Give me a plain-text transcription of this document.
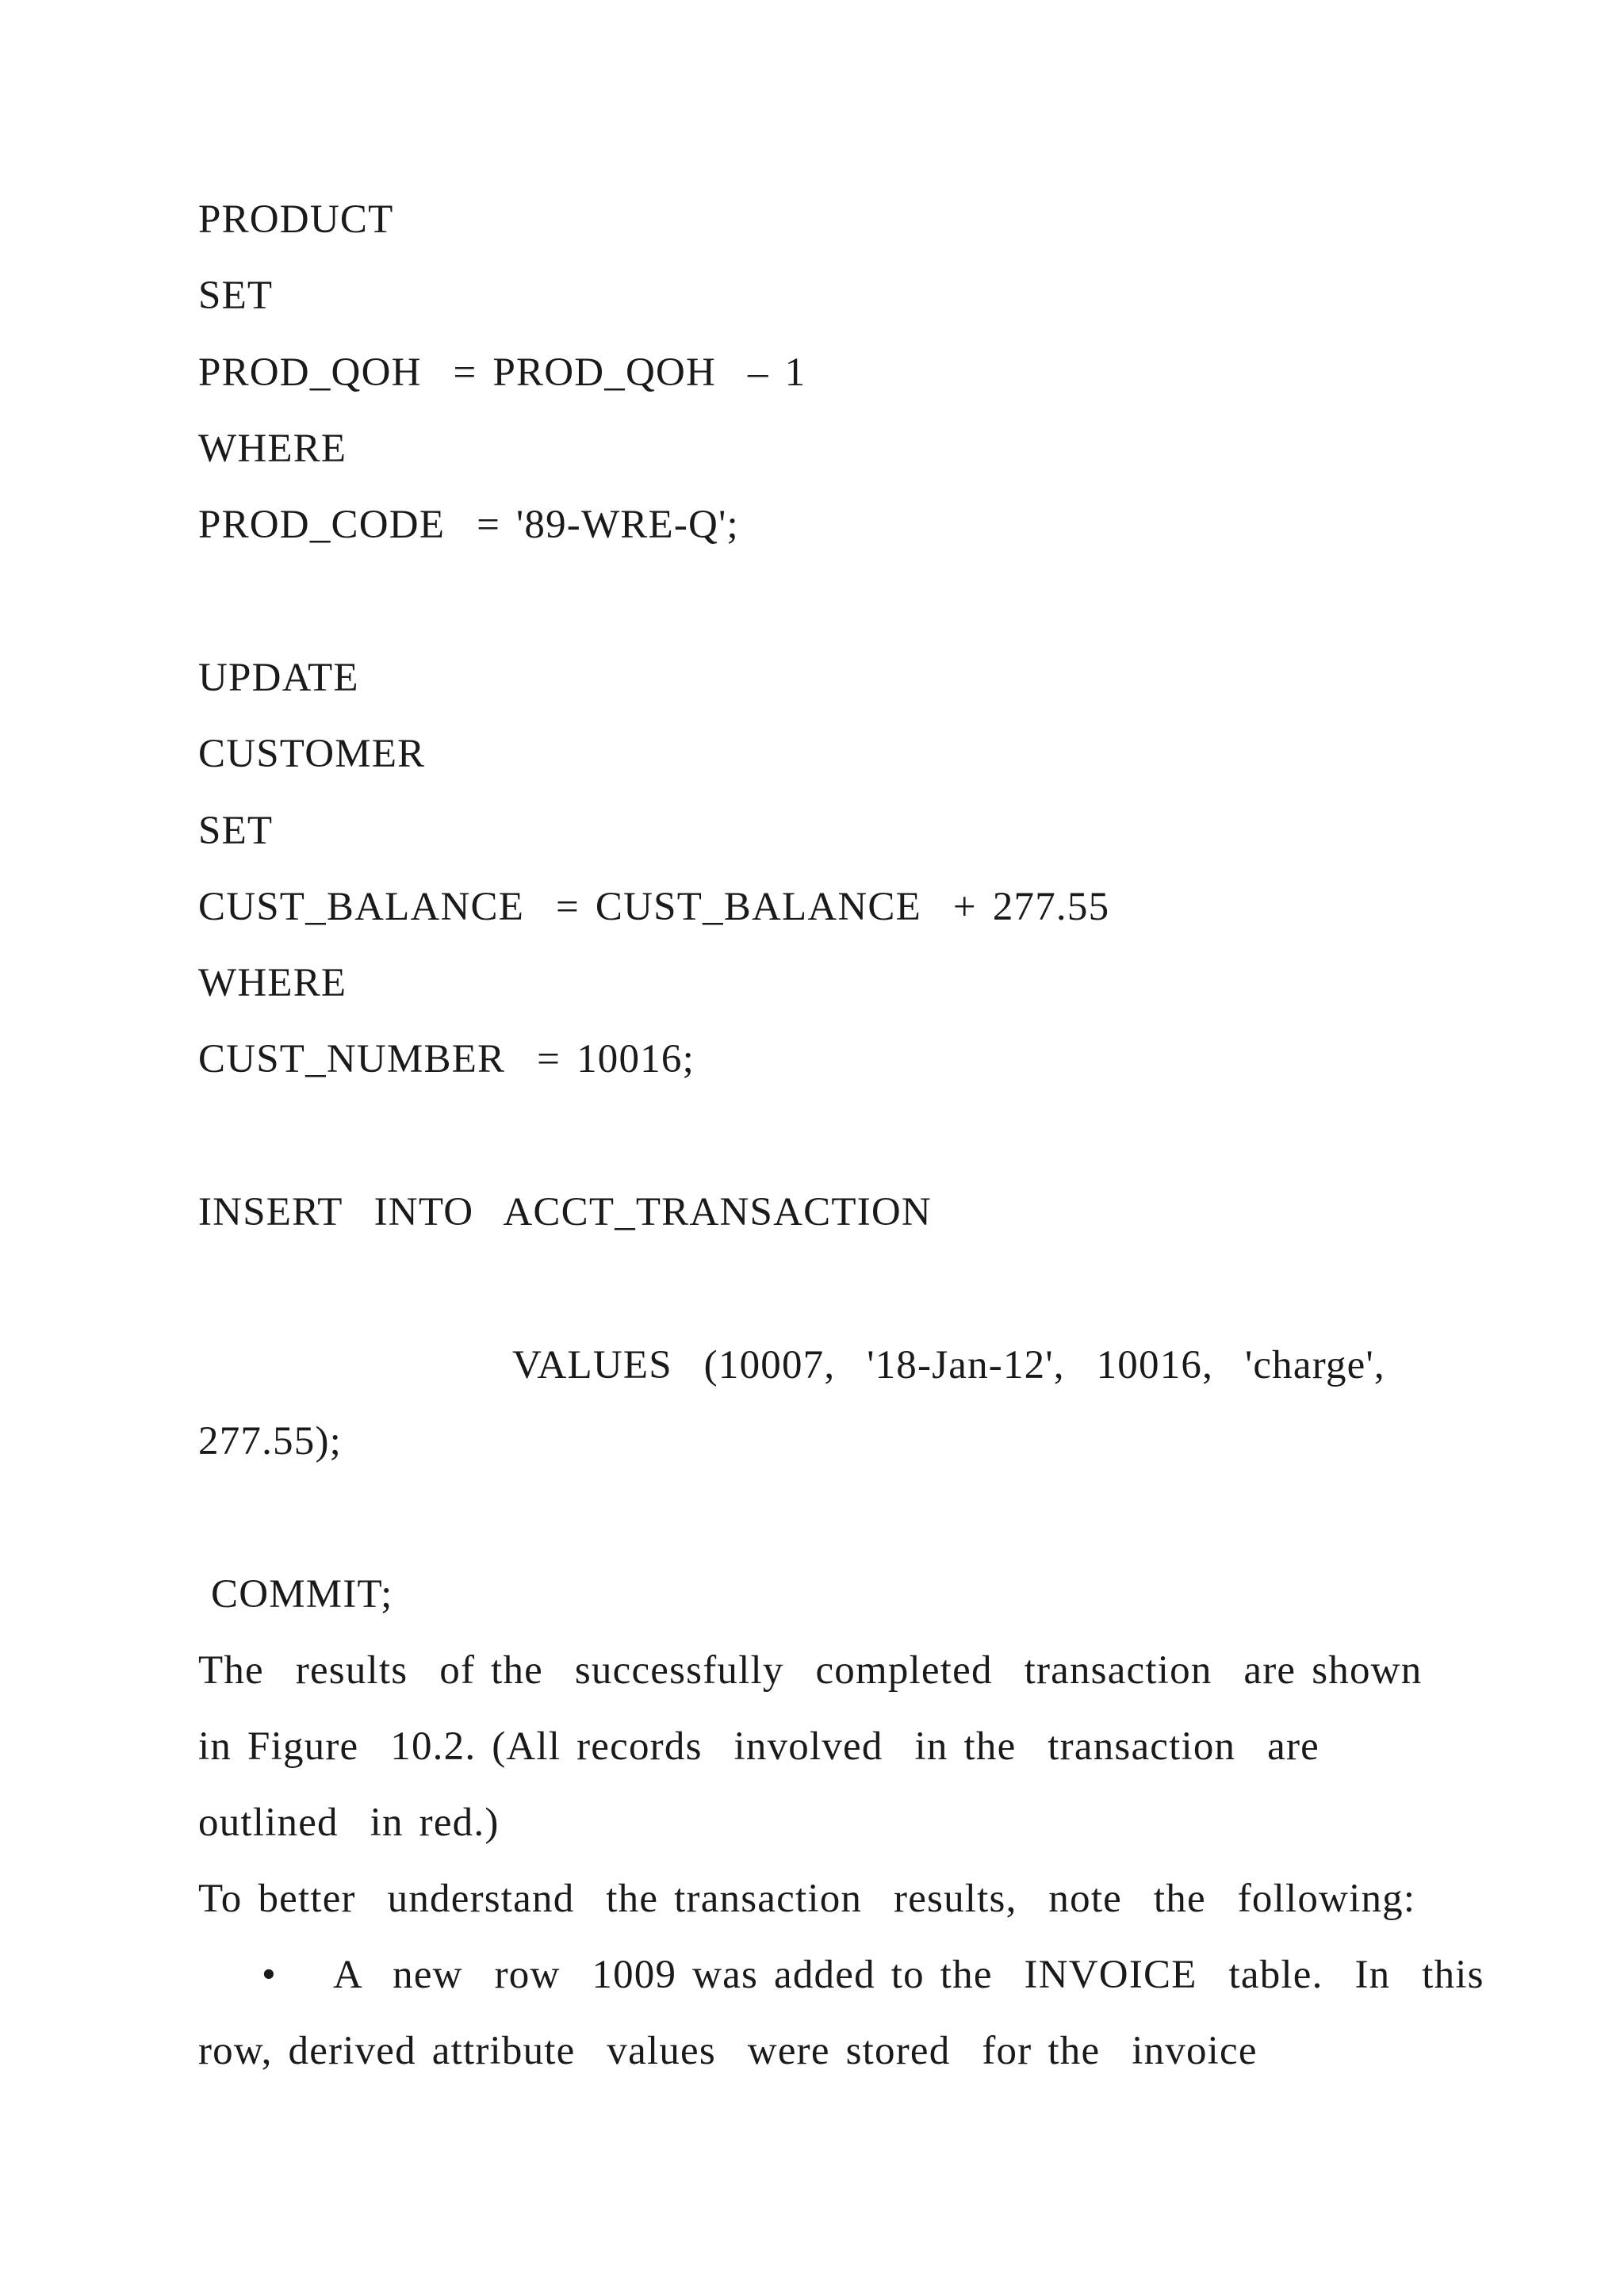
PRODUCT
SET
PROD_QOH  = PROD_QOH  – 1
WHERE
PROD_CODE  = '89-WRE-Q';
UPDATE
CUSTOMER
SET
CUST_BALANCE  = CUST_BALANCE  + 277.55
WHERE
CUST_NUMBER  = 10016;
INSERT  INTO  ACCT_TRANSACTION
VALUES  (10007,  '18-Jan-12',  10016,  'charge',
277.55);
COMMIT;
The  results  of the  successfully  completed  transaction  are shown
in Figure  10.2. (All records  involved  in the  transaction  are
outlined  in red.)
To better  understand  the transaction  results,  note  the  following:
• A  new  row  1009 was added to the  INVOICE  table.  In  this
row, derived attribute  values  were stored  for the  invoice
